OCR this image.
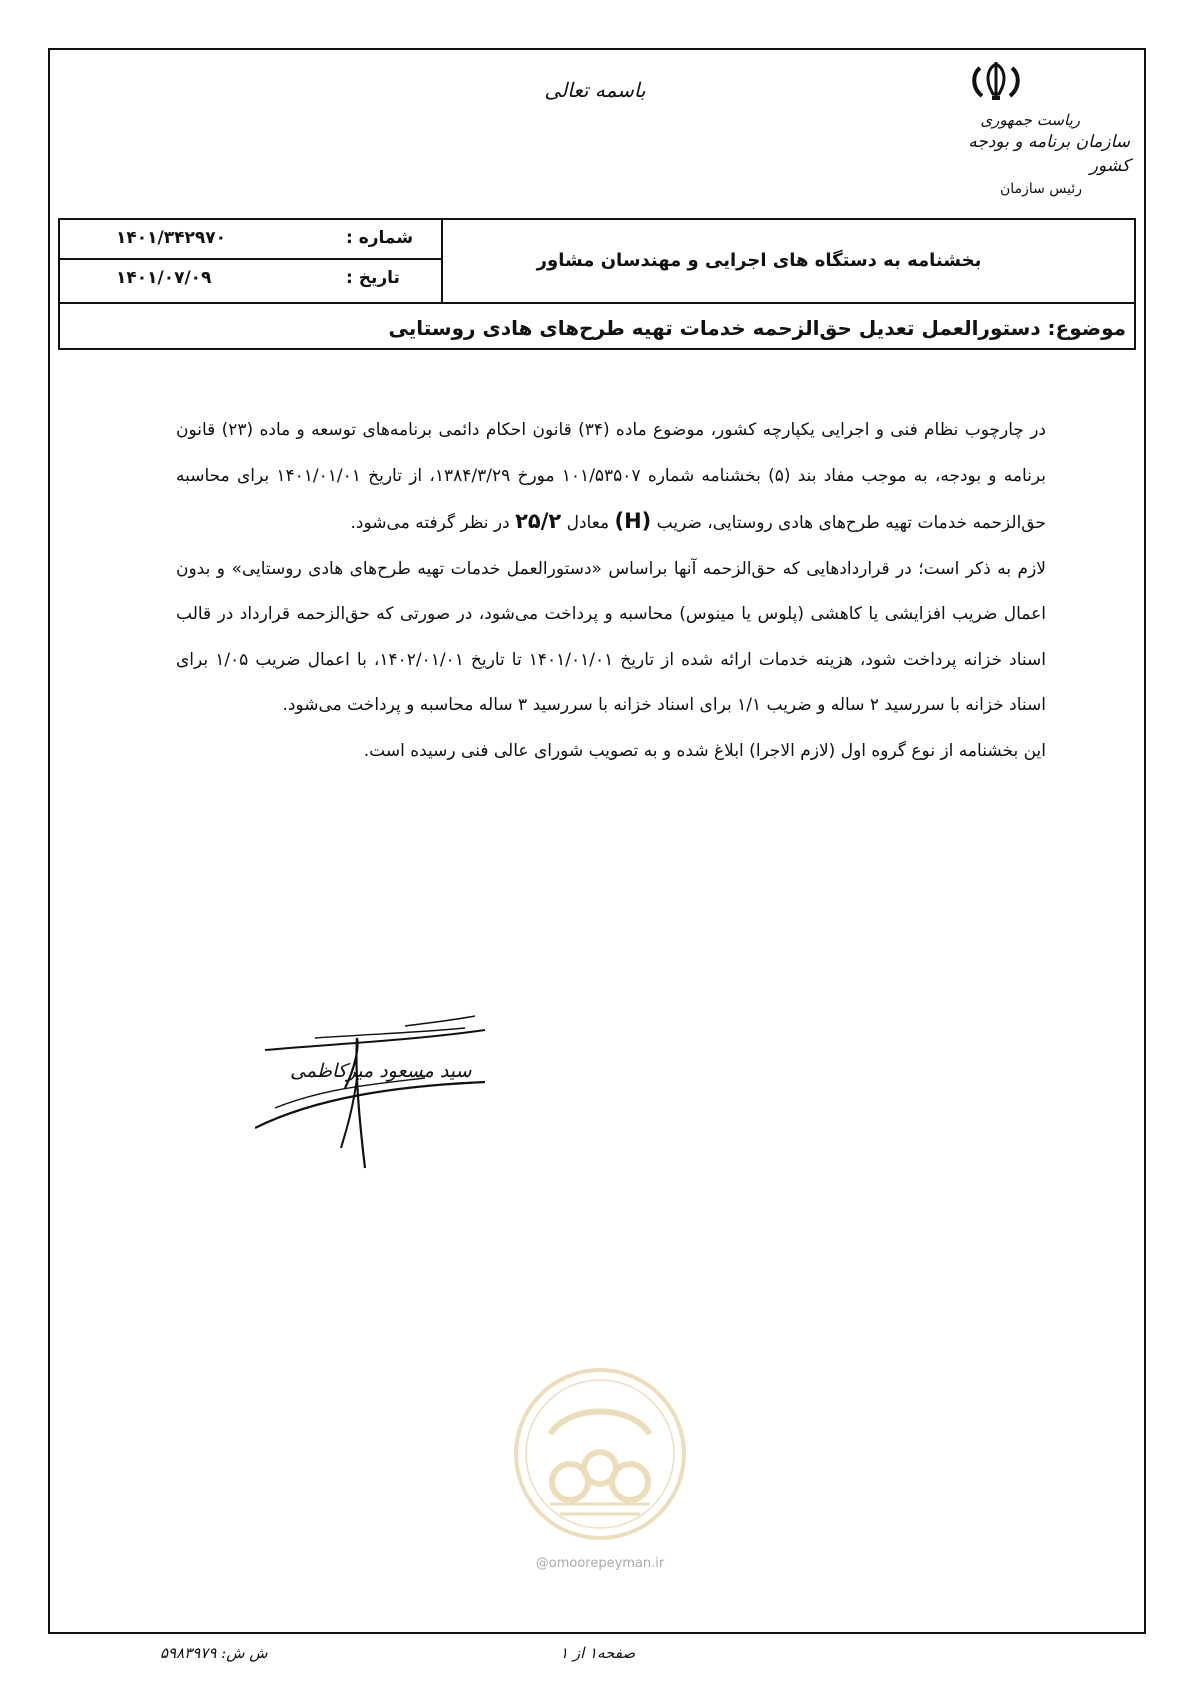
باسمه تعالی
ریاست جمهوری
سازمان برنامه و بودجه کشور
رئیس سازمان
شماره :
۱۴۰۱/۳۴۲۹۷۰
تاریخ :
۱۴۰۱/۰۷/۰۹
بخشنامه به دستگاه های اجرایی و مهندسان مشاور
موضوع: دستورالعمل تعدیل حق‌الزحمه خدمات تهیه طرح‌های هادی روستایی

در چارچوب نظام فنی و اجرایی یکپارچه کشور، موضوع ماده (۳۴) قانون احکام دائمی برنامه‌های توسعه و ماده (۲۳) قانون برنامه و بودجه، به موجب مفاد بند (۵) بخشنامه شماره ۱۰۱/۵۳۵۰۷ مورخ ۱۳۸۴/۳/۲۹، از تاریخ ۱۴۰۱/۰۱/۰۱ برای محاسبه حق‌الزحمه خدمات تهیه طرح‌های هادی روستایی، ضریب (H) معادل ۲۵/۲ در نظر گرفته می‌شود.

لازم به ذکر است؛ در قراردادهایی که حق‌الزحمه آنها براساس «دستورالعمل خدمات تهیه طرح‌های هادی روستایی» و بدون اعمال ضریب افزایشی یا کاهشی (پلوس یا مینوس) محاسبه و پرداخت می‌شود، در صورتی که حق‌الزحمه قرارداد در قالب اسناد خزانه پرداخت شود، هزینه خدمات ارائه شده از تاریخ ۱۴۰۱/۰۱/۰۱ تا تاریخ ۱۴۰۲/۰۱/۰۱، با اعمال ضریب ۱/۰۵ برای اسناد خزانه با سررسید ۲ ساله و ضریب ۱/۱ برای اسناد خزانه با سررسید ۳ ساله محاسبه و پرداخت می‌شود.

این بخشنامه از نوع گروه اول (لازم الاجرا) ابلاغ شده و به تصویب شورای عالی فنی رسیده است.

سید مسعود میرکاظمی
@omoorepeyman.ir
ش ش: ۵۹۸۳۹۷۹	صفحه۱ از ۱
